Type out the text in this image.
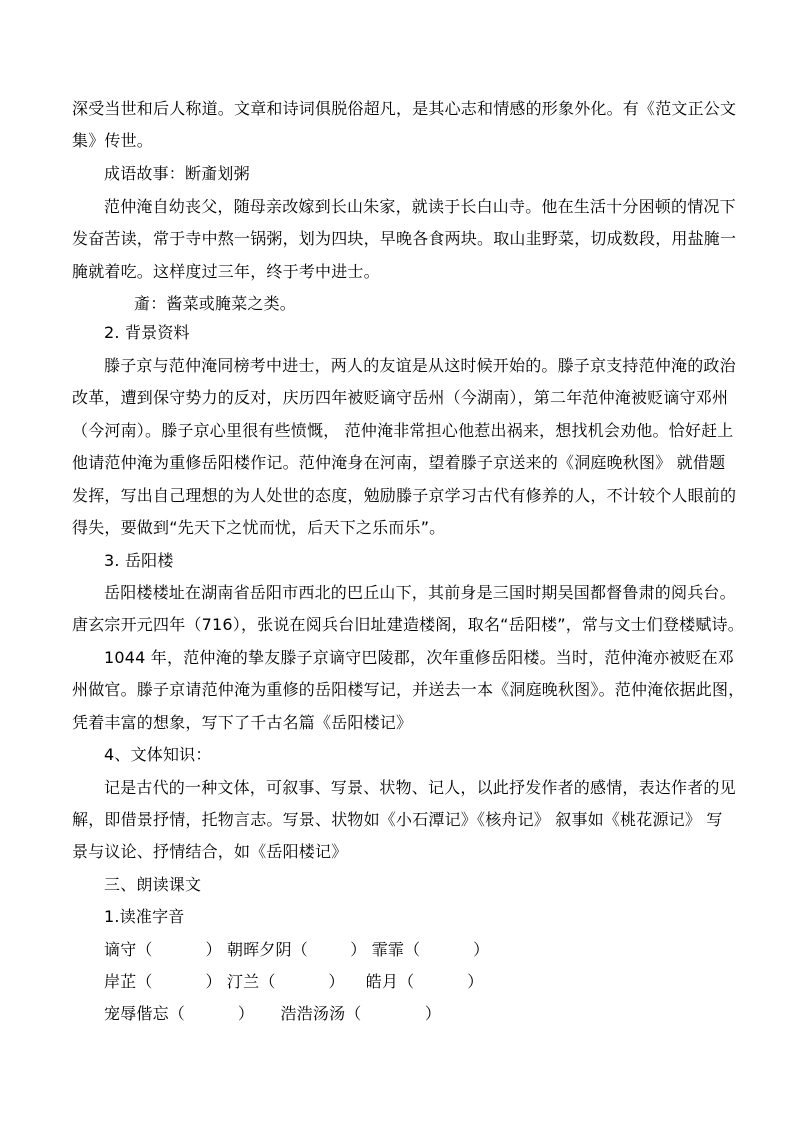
深受当世和后人称道。文章和诗词俱脱俗超凡，是其心志和情感的形象外化。有《范文正公文
集》传世。
成语故事：断齑划粥
范仲淹自幼丧父，随母亲改嫁到长山朱家，就读于长白山寺。他在生活十分困顿的情况下
发奋苦读，常于寺中熬一锅粥，划为四块，早晚各食两块。取山韭野菜，切成数段，用盐腌一
腌就着吃。这样度过三年，终于考中进士。
齑：酱菜或腌菜之类。
2. 背景资料
滕子京与范仲淹同榜考中进士，两人的友谊是从这时候开始的。滕子京支持范仲淹的政治
改革，遭到保守势力的反对，庆历四年被贬谪守岳州（今湖南），第二年范仲淹被贬谪守邓州
（今河南）。滕子京心里很有些愤慨， 范仲淹非常担心他惹出祸来，想找机会劝他。恰好赶上
他请范仲淹为重修岳阳楼作记。范仲淹身在河南，望着滕子京送来的《洞庭晚秋图》 就借题
发挥，写出自己理想的为人处世的态度，勉励滕子京学习古代有修养的人，不计较个人眼前的
得失，要做到“先天下之忧而忧，后天下之乐而乐”。
3. 岳阳楼
岳阳楼楼址在湖南省岳阳市西北的巴丘山下，其前身是三国时期吴国都督鲁肃的阅兵台。
唐玄宗开元四年（716），张说在阅兵台旧址建造楼阁，取名“岳阳楼”，常与文士们登楼赋诗。
1044 年，范仲淹的挚友滕子京谪守巴陵郡，次年重修岳阳楼。当时，范仲淹亦被贬在邓
州做官。滕子京请范仲淹为重修的岳阳楼写记，并送去一本《洞庭晚秋图》。范仲淹依据此图，
凭着丰富的想象，写下了千古名篇《岳阳楼记》
4、文体知识：
记是古代的一种文体，可叙事、写景、状物、记人，以此抒发作者的感情，表达作者的见
解，即借景抒情，托物言志。写景、状物如《小石潭记》《核舟记》 叙事如《桃花源记》 写
景与议论、抒情结合，如《岳阳楼记》
三、朗读课文
1.读准字音
谪守（          ） 朝晖夕阴（        ） 霏霏（          ）
岸芷（          ） 汀兰（          ）    皓月（          ）
宠辱偕忘（          ）     浩浩汤汤（            ）
